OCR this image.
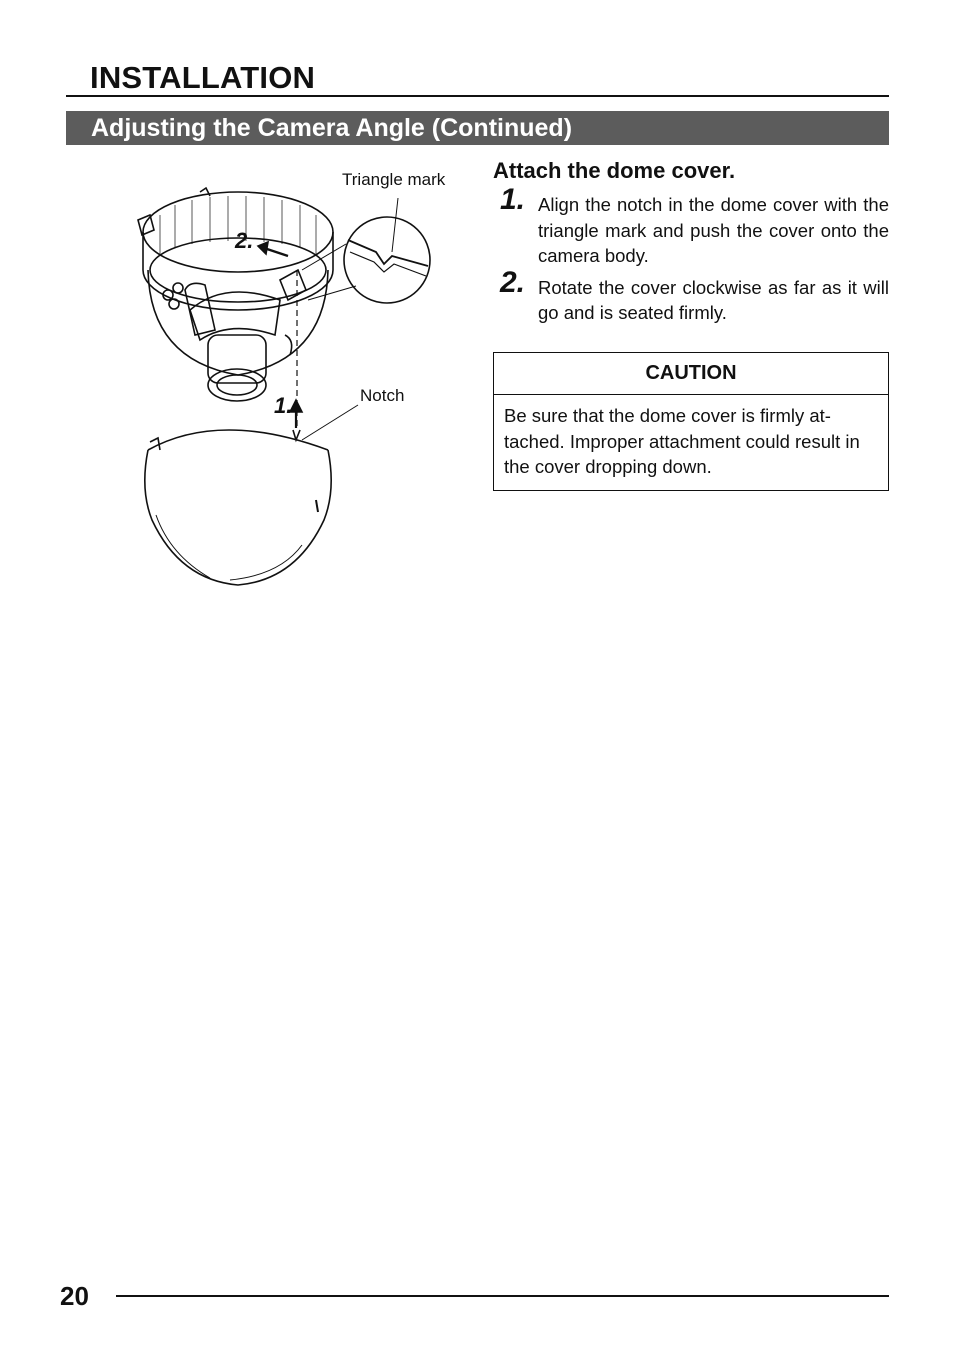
INSTALLATION
Adjusting the Camera Angle (Continued)
Triangle mark
Notch
2.
1.
Attach the dome cover.
1. Align the notch in the dome cover with the triangle mark and push the cover onto the camera body.
2. Rotate the cover clockwise as far as it will go and is seated firmly.
CAUTION
Be sure that the dome cover is firmly attached. Improper attachment could result in the cover dropping down.
20
